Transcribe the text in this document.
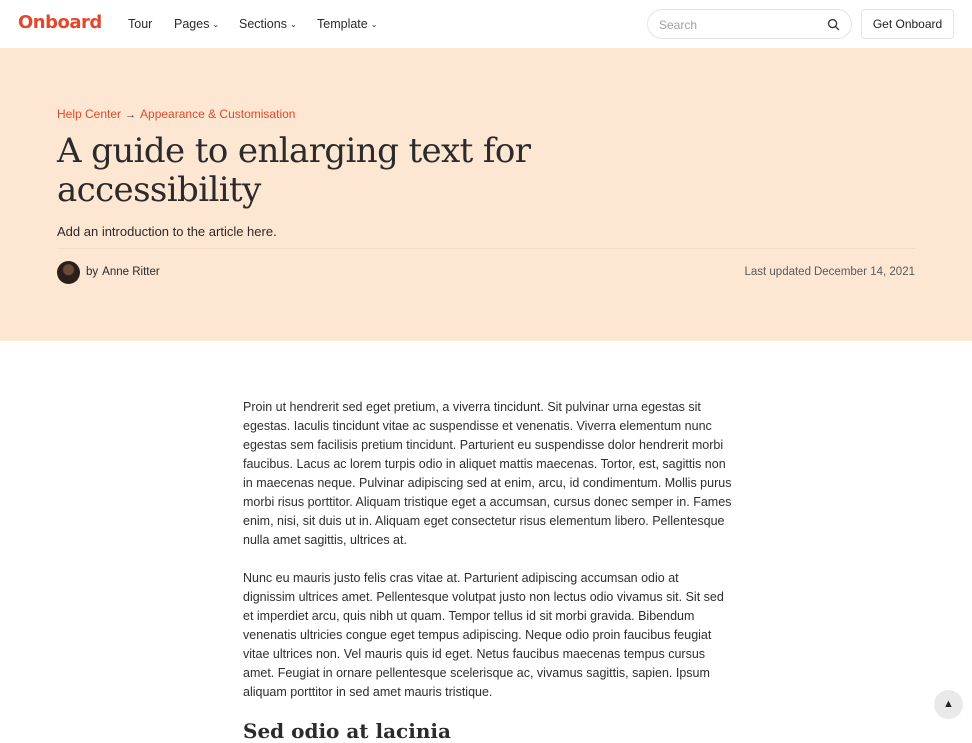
Onboard Tour Pages ⌄ Sections ⌄ Template ⌄
Search	Get Onboard
Help Center → Appearance & Customisation
A guide to enlarging text for accessibility

Add an introduction to the article here.

by Anne Ritter	Last updated December 14, 2021

Proin ut hendrerit sed eget pretium, a viverra tincidunt. Sit pulvinar urna egestas sit egestas. Iaculis tincidunt vitae ac suspendisse et venenatis. Viverra elementum nunc egestas sem facilisis pretium tincidunt. Parturient eu suspendisse dolor hendrerit morbi faucibus. Lacus ac lorem turpis odio in aliquet mattis maecenas. Tortor, est, sagittis non in maecenas neque. Pulvinar adipiscing sed at enim, arcu, id condimentum. Mollis purus morbi risus porttitor. Aliquam tristique eget a accumsan, cursus donec semper in. Fames enim, nisi, sit duis ut in. Aliquam eget consectetur risus elementum libero. Pellentesque nulla amet sagittis, ultrices at.

Nunc eu mauris justo felis cras vitae at. Parturient adipiscing accumsan odio at dignissim ultrices amet. Pellentesque volutpat justo non lectus odio vivamus sit. Sit sed et imperdiet arcu, quis nibh ut quam. Tempor tellus id sit morbi gravida. Bibendum venenatis ultricies congue eget tempus adipiscing. Neque odio proin faucibus feugiat vitae ultrices non. Vel mauris quis id eget. Netus faucibus maecenas tempus cursus amet. Feugiat in ornare pellentesque scelerisque ac, vivamus sagittis, sapien. Ipsum aliquam porttitor in sed amet mauris tristique.

Sed odio at lacinia
▲
